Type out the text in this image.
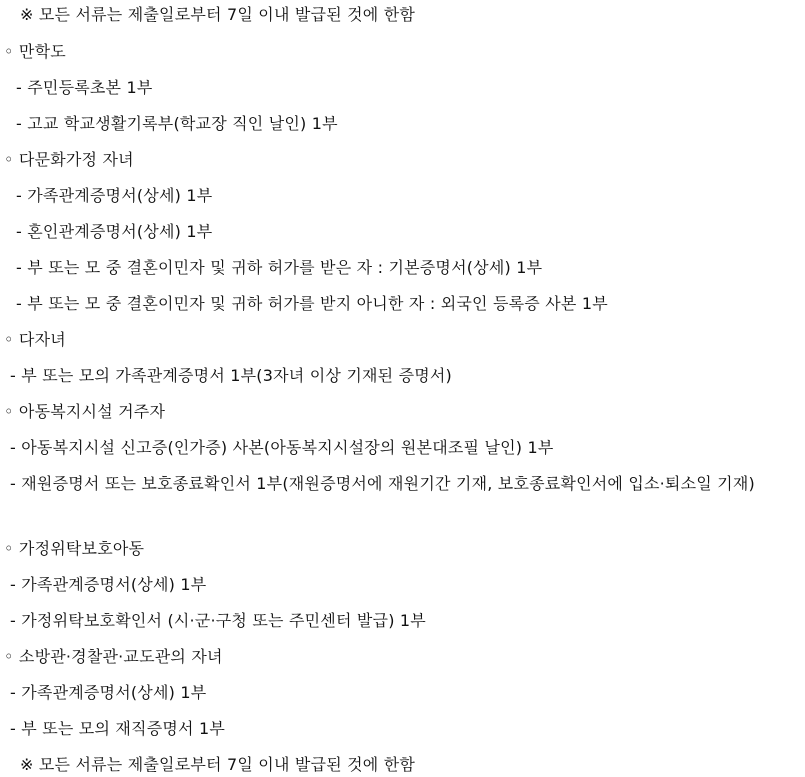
※ 모든 서류는 제출일로부터 7일 이내 발급된 것에 한함
◦ 만학도
- 주민등록초본 1부
- 고교 학교생활기록부(학교장 직인 날인) 1부
◦ 다문화가정 자녀
- 가족관계증명서(상세) 1부
- 혼인관계증명서(상세) 1부
- 부 또는 모 중 결혼이민자 및 귀하 허가를 받은 자 : 기본증명서(상세) 1부
- 부 또는 모 중 결혼이민자 및 귀하 허가를 받지 아니한 자 : 외국인 등록증 사본 1부
◦ 다자녀
- 부 또는 모의 가족관계증명서 1부(3자녀 이상 기재된 증명서)
◦ 아동복지시설 거주자
- 아동복지시설 신고증(인가증) 사본(아동복지시설장의 원본대조필 날인) 1부
- 재원증명서 또는 보호종료확인서 1부(재원증명서에 재원기간 기재, 보호종료확인서에 입소·퇴소일 기재)
◦ 가정위탁보호아동
- 가족관계증명서(상세) 1부
- 가정위탁보호확인서 (시·군·구청 또는 주민센터 발급) 1부
◦ 소방관·경찰관·교도관의 자녀
- 가족관계증명서(상세) 1부
- 부 또는 모의 재직증명서 1부
※ 모든 서류는 제출일로부터 7일 이내 발급된 것에 한함
